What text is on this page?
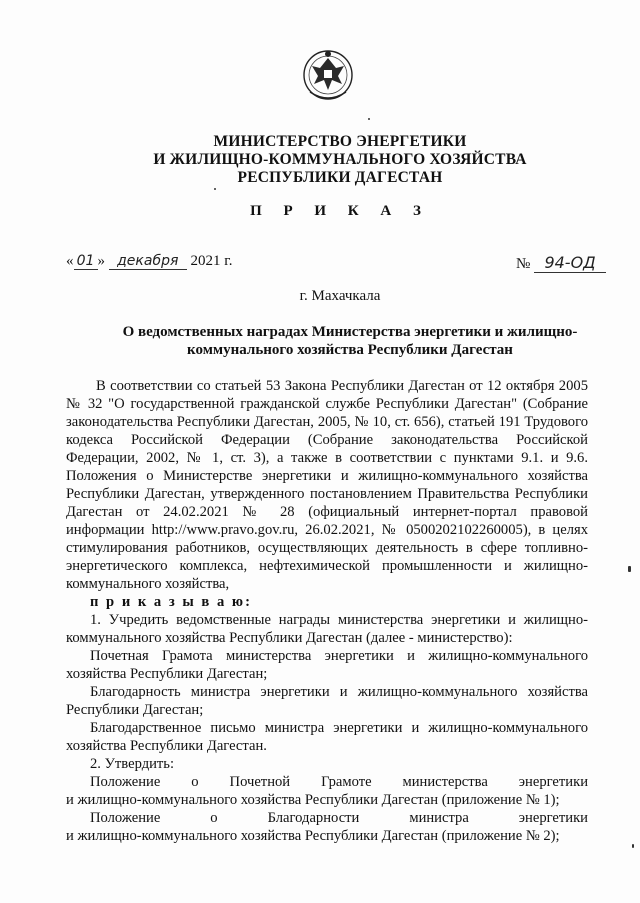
МИНИСТЕРСТВО ЭНЕРГЕТИКИ
И ЖИЛИЩНО-КОММУНАЛЬНОГО ХОЗЯЙСТВА
РЕСПУБЛИКИ ДАГЕСТАН
П Р И К А З
« 01 » декабря 2021 г.	№ 94-ОД
г. Махачкала
О ведомственных наградах Министерства энергетики и жилищно-
коммунального хозяйства Республики Дагестан

В соответствии со статьей 53 Закона Республики Дагестан от 12 октября 2005 № 32 "О государственной гражданской службе Республики Дагестан" (Собрание законодательства Республики Дагестан, 2005, № 10, ст. 656), статьей 191 Трудового кодекса Российской Федерации (Собрание законодательства Российской Федерации, 2002, № 1, ст. 3), а также в соответствии с пунктами 9.1. и 9.6. Положения о Министерстве энергетики и жилищно-коммунального хозяйства Республики Дагестан, утвержденного постановлением Правительства Республики Дагестан от 24.02.2021 № 28 (официальный интернет-портал правовой информации http://www.pravo.gov.ru, 26.02.2021, № 0500202102260005), в целях стимулирования работников, осуществляющих деятельность в сфере топливно-энергетического комплекса, нефтехимической промышленности и жилищно-коммунального хозяйства,

п р и к а з ы в а ю:

1. Учредить ведомственные награды министерства энергетики и жилищно-коммунального хозяйства Республики Дагестан (далее - министерство):

Почетная Грамота министерства энергетики и жилищно-коммунального хозяйства Республики Дагестан;

Благодарность министра энергетики и жилищно-коммунального хозяйства Республики Дагестан;

Благодарственное письмо министра энергетики и жилищно-коммунального хозяйства Республики Дагестан.

2. Утвердить:

Положение о Почетной Грамоте министерства энергетики
и жилищно-коммунального хозяйства Республики Дагестан (приложение № 1);
Положение о Благодарности министра энергетики
и жилищно-коммунального хозяйства Республики Дагестан (приложение № 2);
